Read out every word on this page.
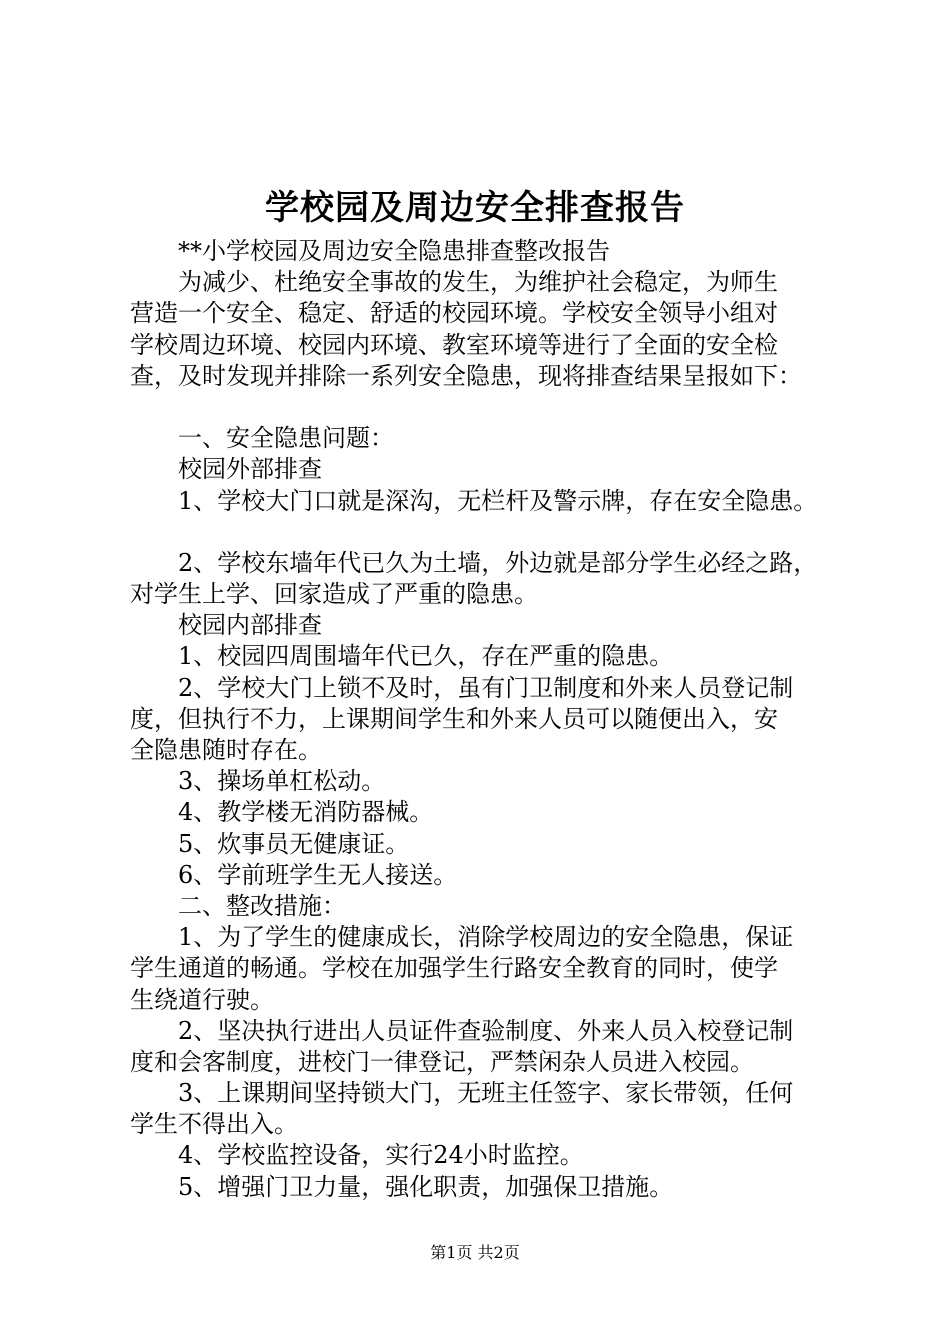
学校园及周边安全排查报告
**小学校园及周边安全隐患排查整改报告
为减少、杜绝安全事故的发生，为维护社会稳定，为师生
营造一个安全、稳定、舒适的校园环境。学校安全领导小组对
学校周边环境、校园内环境、教室环境等进行了全面的安全检
查，及时发现并排除一系列安全隐患，现将排查结果呈报如下：
一、安全隐患问题：
校园外部排查
1、学校大门口就是深沟，无栏杆及警示牌，存在安全隐患。
2、学校东墙年代已久为土墙，外边就是部分学生必经之路，
对学生上学、回家造成了严重的隐患。
校园内部排查
1、校园四周围墙年代已久，存在严重的隐患。
2、学校大门上锁不及时，虽有门卫制度和外来人员登记制
度，但执行不力，上课期间学生和外来人员可以随便出入，安
全隐患随时存在。
3、操场单杠松动。
4、教学楼无消防器械。
5、炊事员无健康证。
6、学前班学生无人接送。
二、整改措施：
1、为了学生的健康成长，消除学校周边的安全隐患，保证
学生通道的畅通。学校在加强学生行路安全教育的同时，使学
生绕道行驶。
2、坚决执行进出人员证件查验制度、外来人员入校登记制
度和会客制度，进校门一律登记，严禁闲杂人员进入校园。
3、上课期间坚持锁大门，无班主任签字、家长带领，任何
学生不得出入。
4、学校监控设备，实行24小时监控。
5、增强门卫力量，强化职责，加强保卫措施。
第1页 共2页
